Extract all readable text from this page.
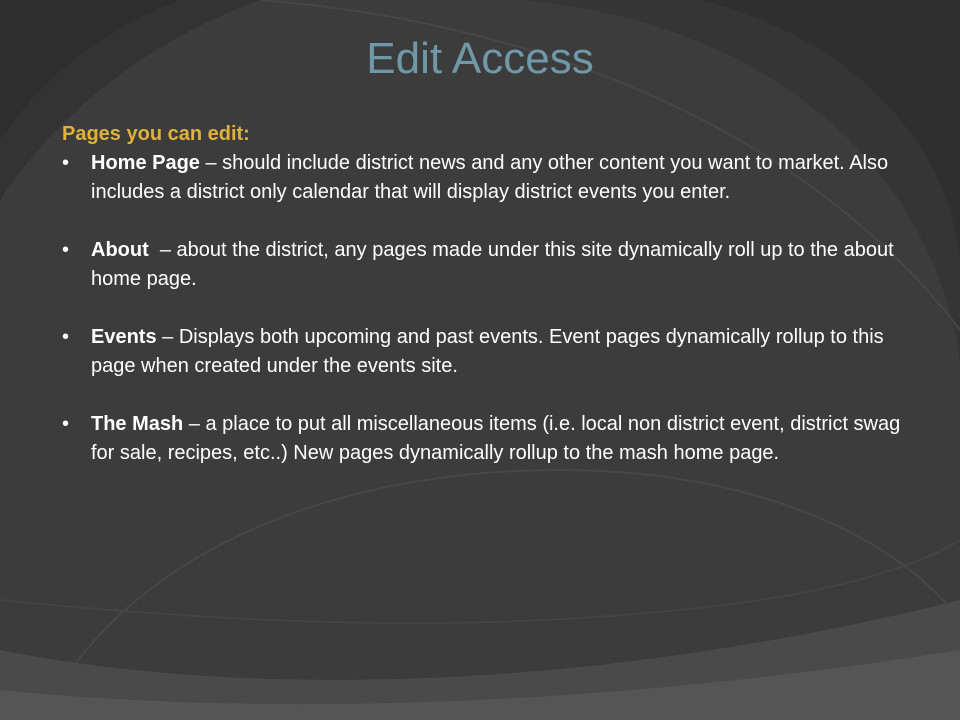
Edit Access

Pages you can edit:

• Home Page – should include district news and any other content you want to market. Also includes a district only calendar that will display district events you enter.
• About  – about the district, any pages made under this site dynamically roll up to the about home page.
• Events – Displays both upcoming and past events. Event pages dynamically rollup to this page when created under the events site.
• The Mash – a place to put all miscellaneous items (i.e. local non district event, district swag for sale, recipes, etc..) New pages dynamically rollup to the mash home page.
